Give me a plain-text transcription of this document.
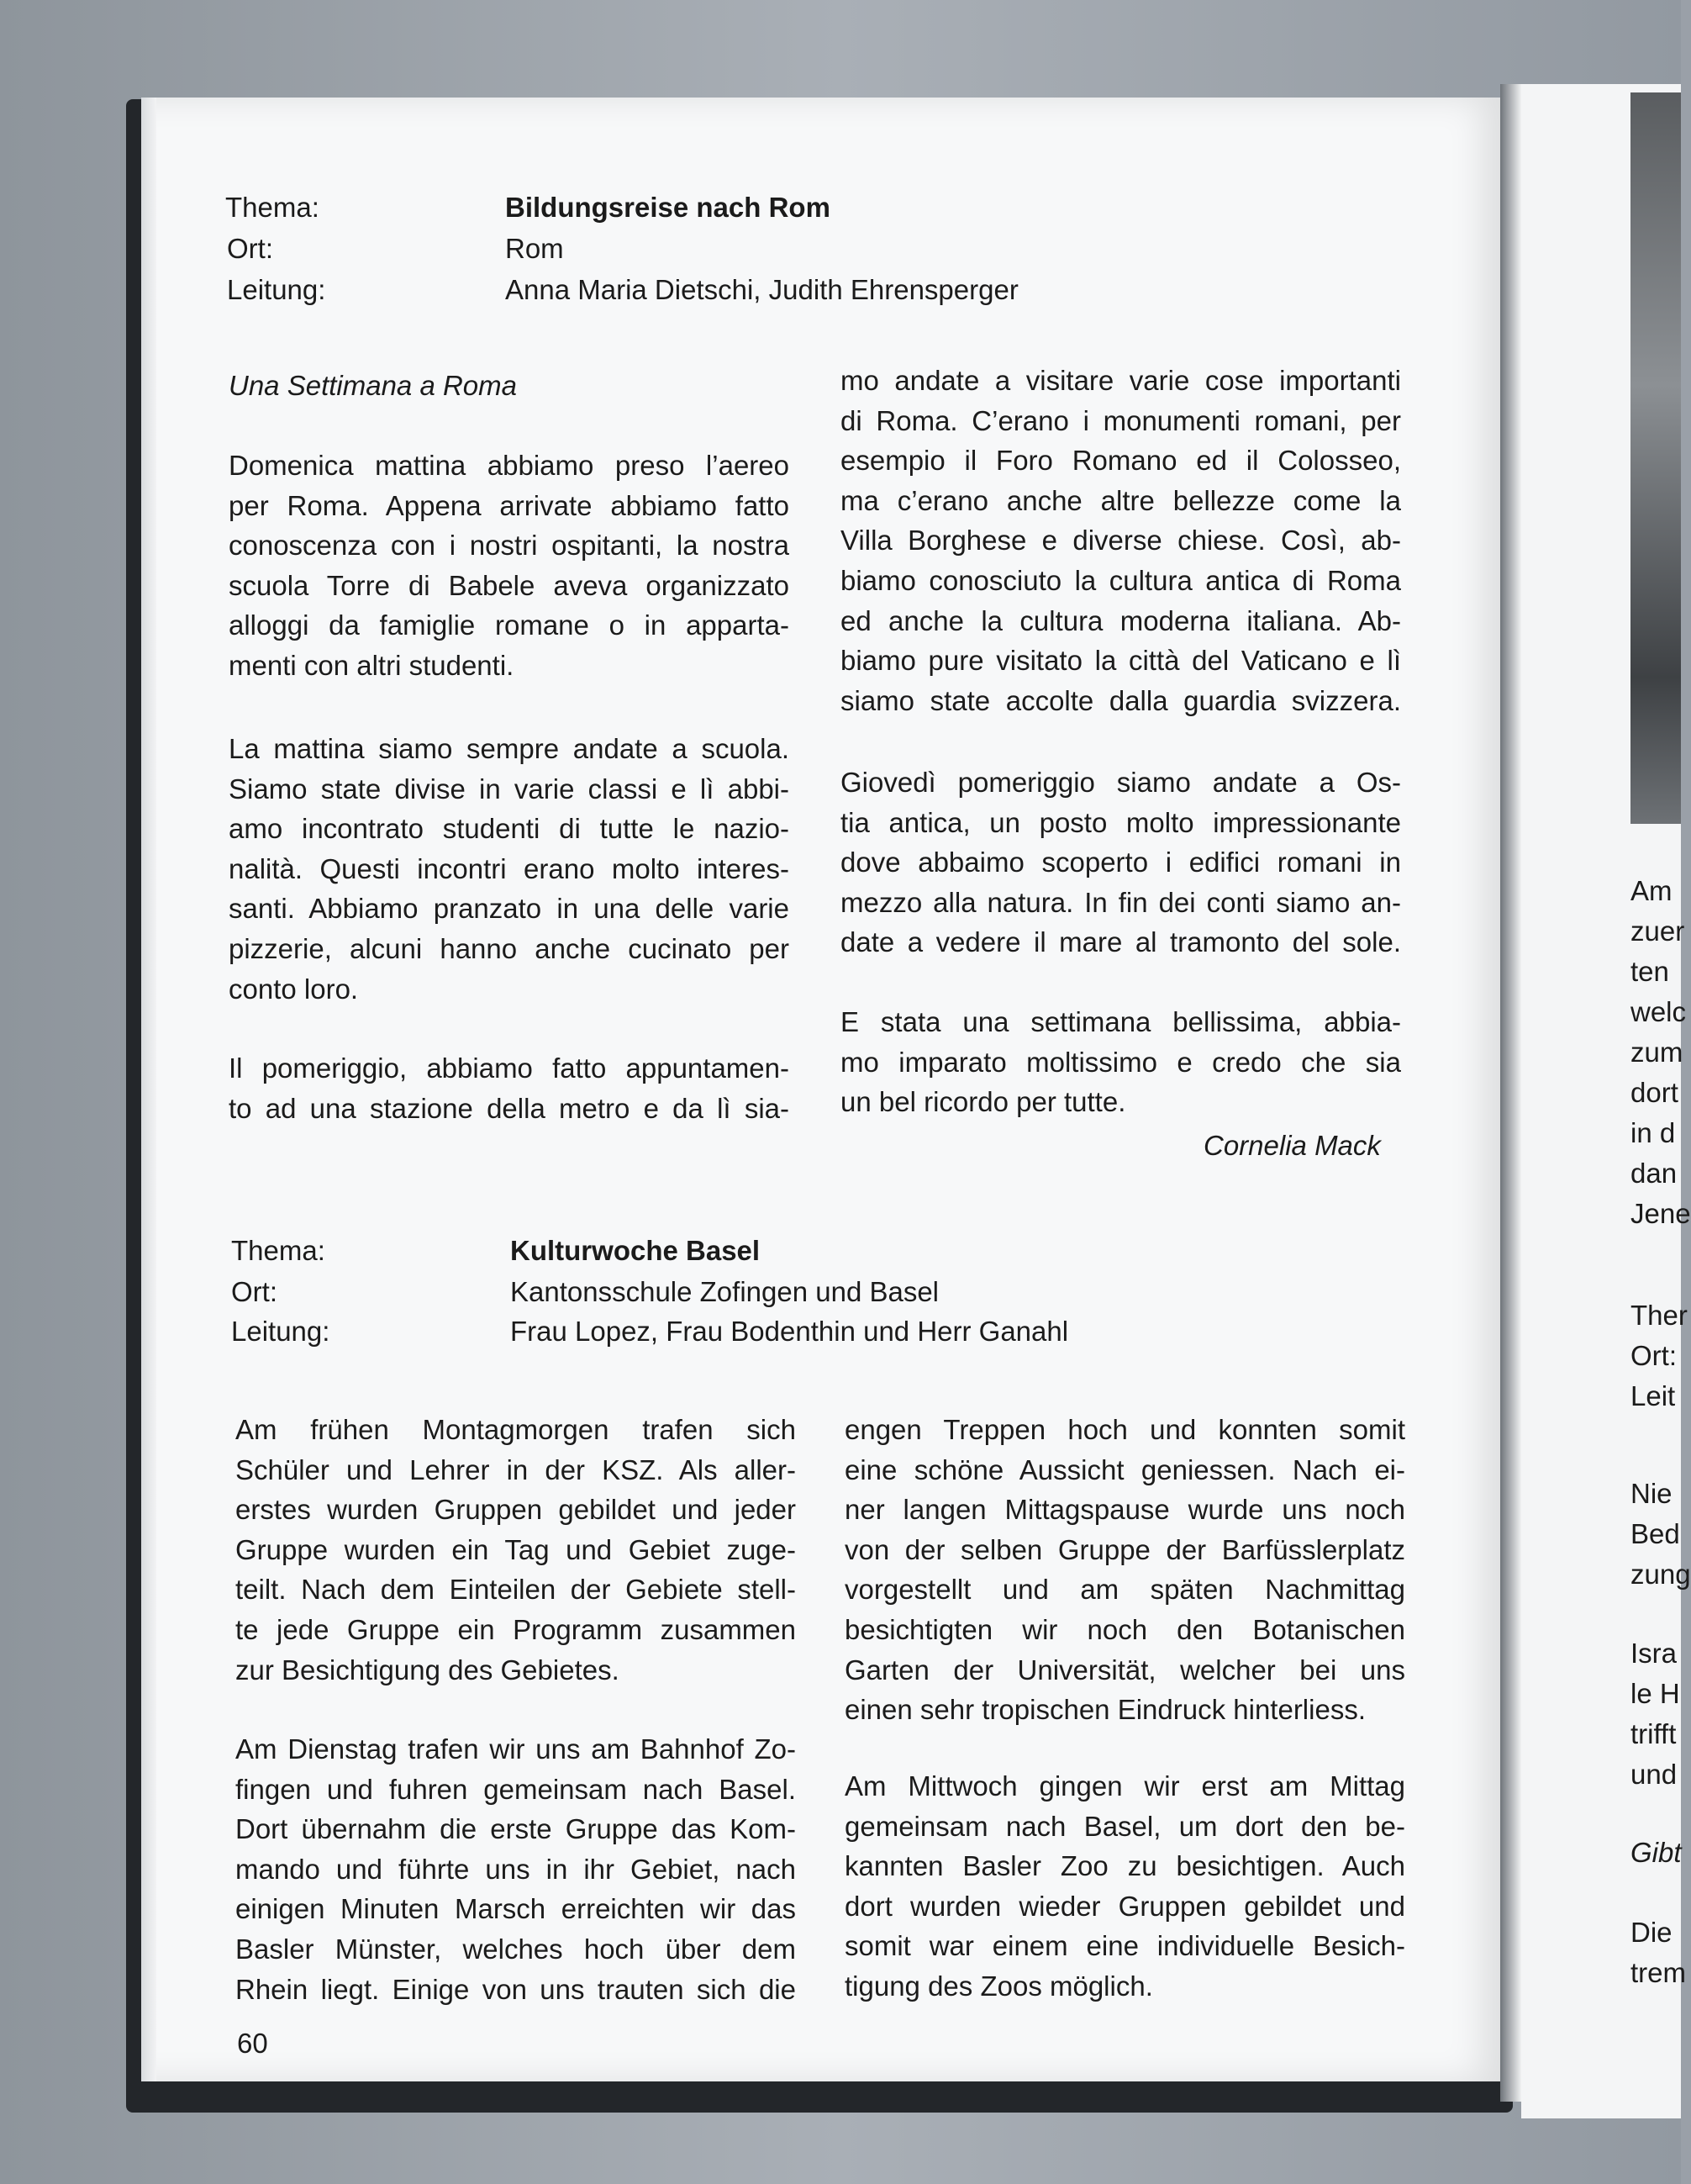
Thema:
Ort:
Leitung:
Bildungsreise nach Rom
Rom
Anna Maria Dietschi, Judith Ehrensperger
Una Settimana a Roma
Domenica mattina abbiamo preso l’aereo
per Roma. Appena arrivate abbiamo fatto
conoscenza con i nostri ospitanti, la nostra
scuola Torre di Babele aveva organizzato
alloggi da famiglie romane o in apparta-
menti con altri studenti.
La mattina siamo sempre andate a scuola.
Siamo state divise in varie classi e lì abbi-
amo incontrato studenti di tutte le nazio-
nalità. Questi incontri erano molto interes-
santi. Abbiamo pranzato in una delle varie
pizzerie, alcuni hanno anche cucinato per
conto loro.
Il pomeriggio, abbiamo fatto appuntamen-
to ad una stazione della metro e da lì sia-
mo andate a visitare varie cose importanti
di Roma. C’erano i monumenti romani, per
esempio il Foro Romano ed il Colosseo,
ma c’erano anche altre bellezze come la
Villa Borghese e diverse chiese. Così, ab-
biamo conosciuto la cultura antica di Roma
ed anche la cultura moderna italiana. Ab-
biamo pure visitato la città del Vaticano e lì
siamo state accolte dalla guardia svizzera.
Giovedì pomeriggio siamo andate a Os-
tia antica, un posto molto impressionante
dove abbaimo scoperto i edifici romani in
mezzo alla natura. In fin dei conti siamo an-
date a vedere il mare al tramonto del sole.
E stata una settimana bellissima, abbia-
mo imparato moltissimo e credo che sia
un bel ricordo per tutte.
Cornelia Mack
Thema:
Ort:
Leitung:
Kulturwoche Basel
Kantonsschule Zofingen und Basel
Frau Lopez, Frau Bodenthin und Herr Ganahl
Am frühen Montagmorgen trafen sich
Schüler und Lehrer in der KSZ. Als aller-
erstes wurden Gruppen gebildet und jeder
Gruppe wurden ein Tag und Gebiet zuge-
teilt. Nach dem Einteilen der Gebiete stell-
te jede Gruppe ein Programm zusammen
zur Besichtigung des Gebietes.
Am Dienstag trafen wir uns am Bahnhof Zo-
fingen und fuhren gemeinsam nach Basel.
Dort übernahm die erste Gruppe das Kom-
mando und führte uns in ihr Gebiet, nach
einigen Minuten Marsch erreichten wir das
Basler Münster, welches hoch über dem
Rhein liegt. Einige von uns trauten sich die
engen Treppen hoch und konnten somit
eine schöne Aussicht geniessen. Nach ei-
ner langen Mittagspause wurde uns noch
von der selben Gruppe der Barfüsslerplatz
vorgestellt und am späten Nachmittag
besichtigten wir noch den Botanischen
Garten der Universität, welcher bei uns
einen sehr tropischen Eindruck hinterliess.
Am Mittwoch gingen wir erst am Mittag
gemeinsam nach Basel, um dort den be-
kannten Basler Zoo zu besichtigen. Auch
dort wurden wieder Gruppen gebildet und
somit war einem eine individuelle Besich-
tigung des Zoos möglich.
60
Am
zuer
ten
welc
zum
dort
in d
dan
Jene
Ther
Ort:
Leit
Nie
Bed
zung
Isra
le H
trifft
und
Gibt
Die
trem
